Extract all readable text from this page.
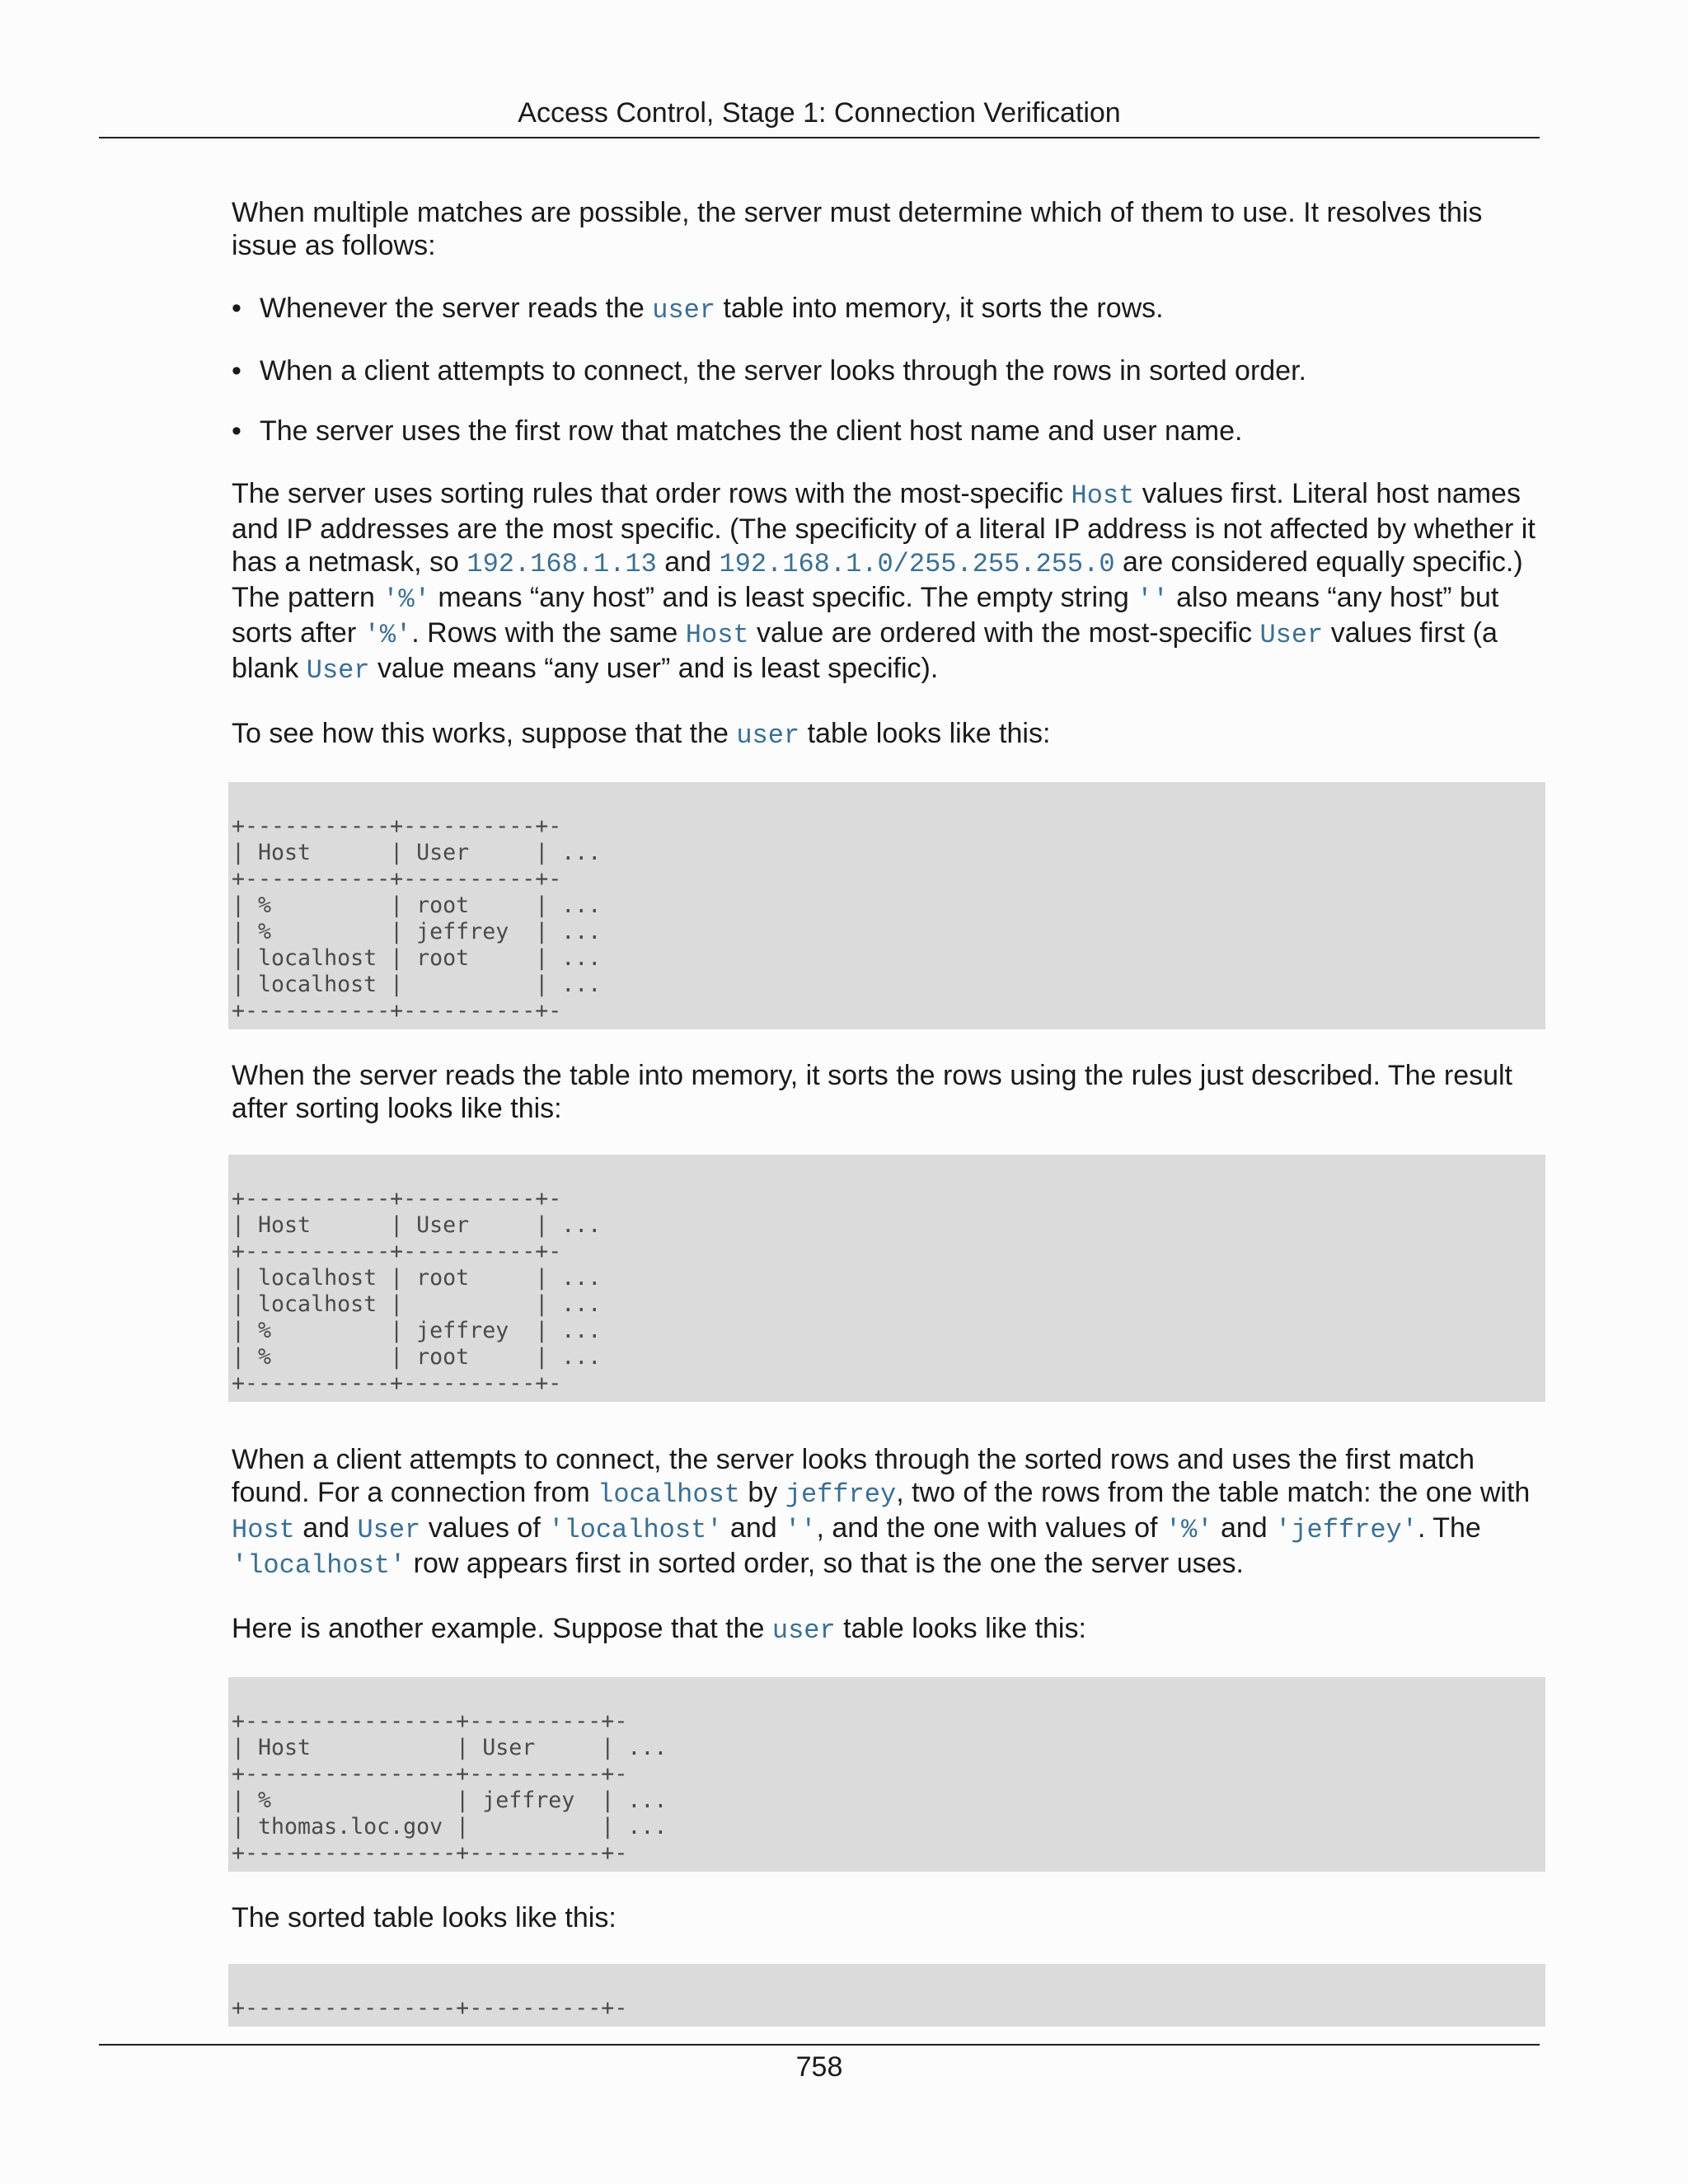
Access Control, Stage 1: Connection Verification

When multiple matches are possible, the server must determine which of them to use. It resolves this issue as follows:

• Whenever the server reads the user table into memory, it sorts the rows.
• When a client attempts to connect, the server looks through the rows in sorted order.
• The server uses the first row that matches the client host name and user name.

The server uses sorting rules that order rows with the most-specific Host values first. Literal host names and IP addresses are the most specific. (The specificity of a literal IP address is not affected by whether it has a netmask, so 192.168.1.13 and 192.168.1.0/255.255.255.0 are considered equally specific.) The pattern '%' means “any host” and is least specific. The empty string '' also means “any host” but sorts after '%'. Rows with the same Host value are ordered with the most-specific User values first (a blank User value means “any user” and is least specific).

To see how this works, suppose that the user table looks like this:

+-----------+----------+-
| Host      | User     | ...
+-----------+----------+-
| %         | root     | ...
| %         | jeffrey  | ...
| localhost | root     | ...
| localhost |          | ...
+-----------+----------+-

When the server reads the table into memory, it sorts the rows using the rules just described. The result after sorting looks like this:

+-----------+----------+-
| Host      | User     | ...
+-----------+----------+-
| localhost | root     | ...
| localhost |          | ...
| %         | jeffrey  | ...
| %         | root     | ...
+-----------+----------+-

When a client attempts to connect, the server looks through the sorted rows and uses the first match found. For a connection from localhost by jeffrey, two of the rows from the table match: the one with Host and User values of 'localhost' and '', and the one with values of '%' and 'jeffrey'. The 'localhost' row appears first in sorted order, so that is the one the server uses.

Here is another example. Suppose that the user table looks like this:

+----------------+----------+-
| Host           | User     | ...
+----------------+----------+-
| %              | jeffrey  | ...
| thomas.loc.gov |          | ...
+----------------+----------+-

The sorted table looks like this:

+----------------+----------+-
758
